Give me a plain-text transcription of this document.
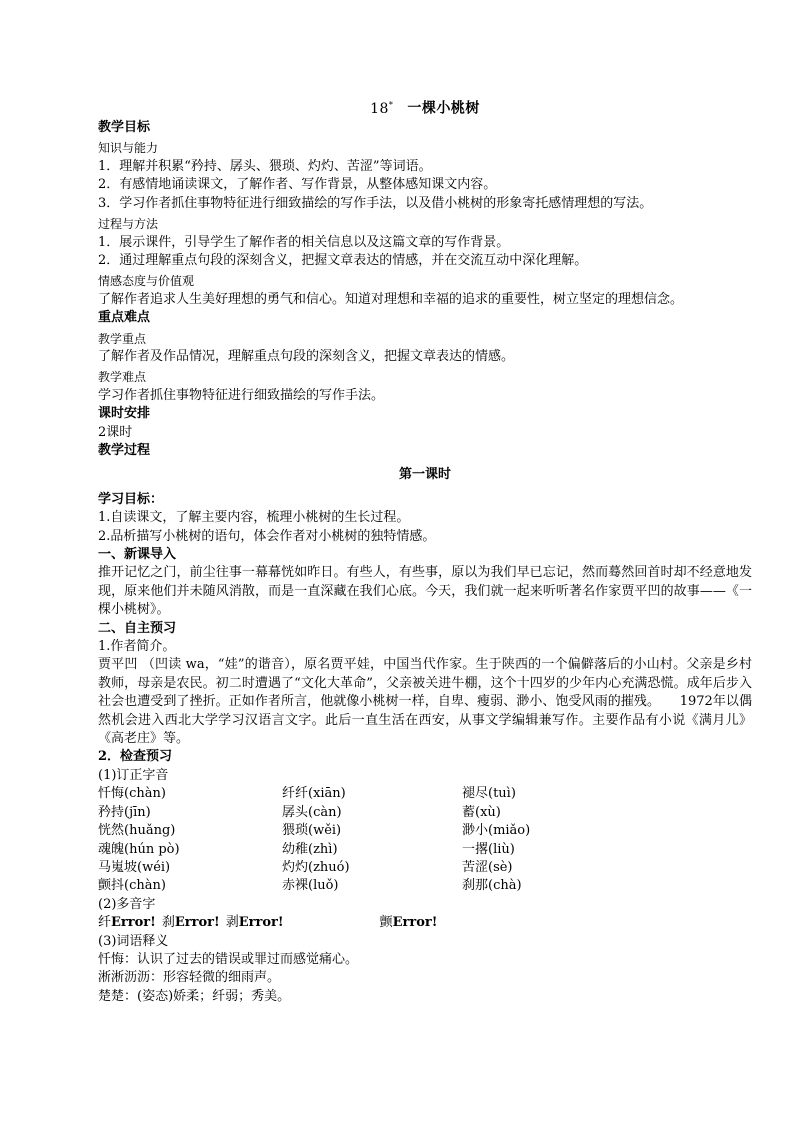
18* 一棵小桃树

教学目标

知识与能力

1．理解并积累“矜持、孱头、猥琐、灼灼、苦涩”等词语。

2．有感情地诵读课文，了解作者、写作背景，从整体感知课文内容。

3．学习作者抓住事物特征进行细致描绘的写作手法，以及借小桃树的形象寄托感情理想的写法。

过程与方法

1．展示课件，引导学生了解作者的相关信息以及这篇文章的写作背景。

2．通过理解重点句段的深刻含义，把握文章表达的情感，并在交流互动中深化理解。

情感态度与价值观

了解作者追求人生美好理想的勇气和信心。知道对理想和幸福的追求的重要性，树立坚定的理想信念。

重点难点

教学重点

了解作者及作品情况，理解重点句段的深刻含义，把握文章表达的情感。

教学难点

学习作者抓住事物特征进行细致描绘的写作手法。

课时安排

2课时

教学过程

第一课时

学习目标：

1.自读课文，了解主要内容，梳理小桃树的生长过程。

2.品析描写小桃树的语句，体会作者对小桃树的独特情感。

一、新课导入

推开记忆之门，前尘往事一幕幕恍如昨日。有些人，有些事，原以为我们早已忘记，然而蓦然回首时却不经意地发现，原来他们并未随风消散，而是一直深藏在我们心底。今天，我们就一起来听听著名作家贾平凹的故事——《一棵小桃树》。

二、自主预习

1.作者简介。

贾平凹 （凹读 wa，“娃”的谐音），原名贾平娃，中国当代作家。生于陕西的一个偏僻落后的小山村。父亲是乡村教师，母亲是农民。初二时遭遇了“文化大革命”，父亲被关进牛棚，这个十四岁的少年内心充满恐慌。成年后步入社会也遭受到了挫折。正如作者所言，他就像小桃树一样，自卑、瘦弱、渺小、饱受风雨的摧残。　　1972年以偶然机会进入西北大学学习汉语言文字。此后一直生活在西安，从事文学编辑兼写作。主要作品有小说《满月儿》《高老庄》等。

2．检查预习

(1)订正字音

忏悔(chàn)	纤纤(xiān)	褪尽(tuì)
矜持(jīn)	孱头(càn)	蓄(xù)
恍然(huǎng)	猥琐(wěi)	渺小(miǎo)
魂魄(hún pò)	幼稚(zhì)	一撂(liù)
马嵬坡(wéi)	灼灼(zhuó)	苦涩(sè)
颤抖(chàn)	赤裸(luǒ)	刹那(chà)

(2)多音字

纤Error! 刹Error! 剥Error!	颤Error!

(3)词语释义

忏悔：认识了过去的错误或罪过而感觉痛心。

淅淅沥沥：形容轻微的细雨声。

楚楚：(姿态)娇柔；纤弱；秀美。
